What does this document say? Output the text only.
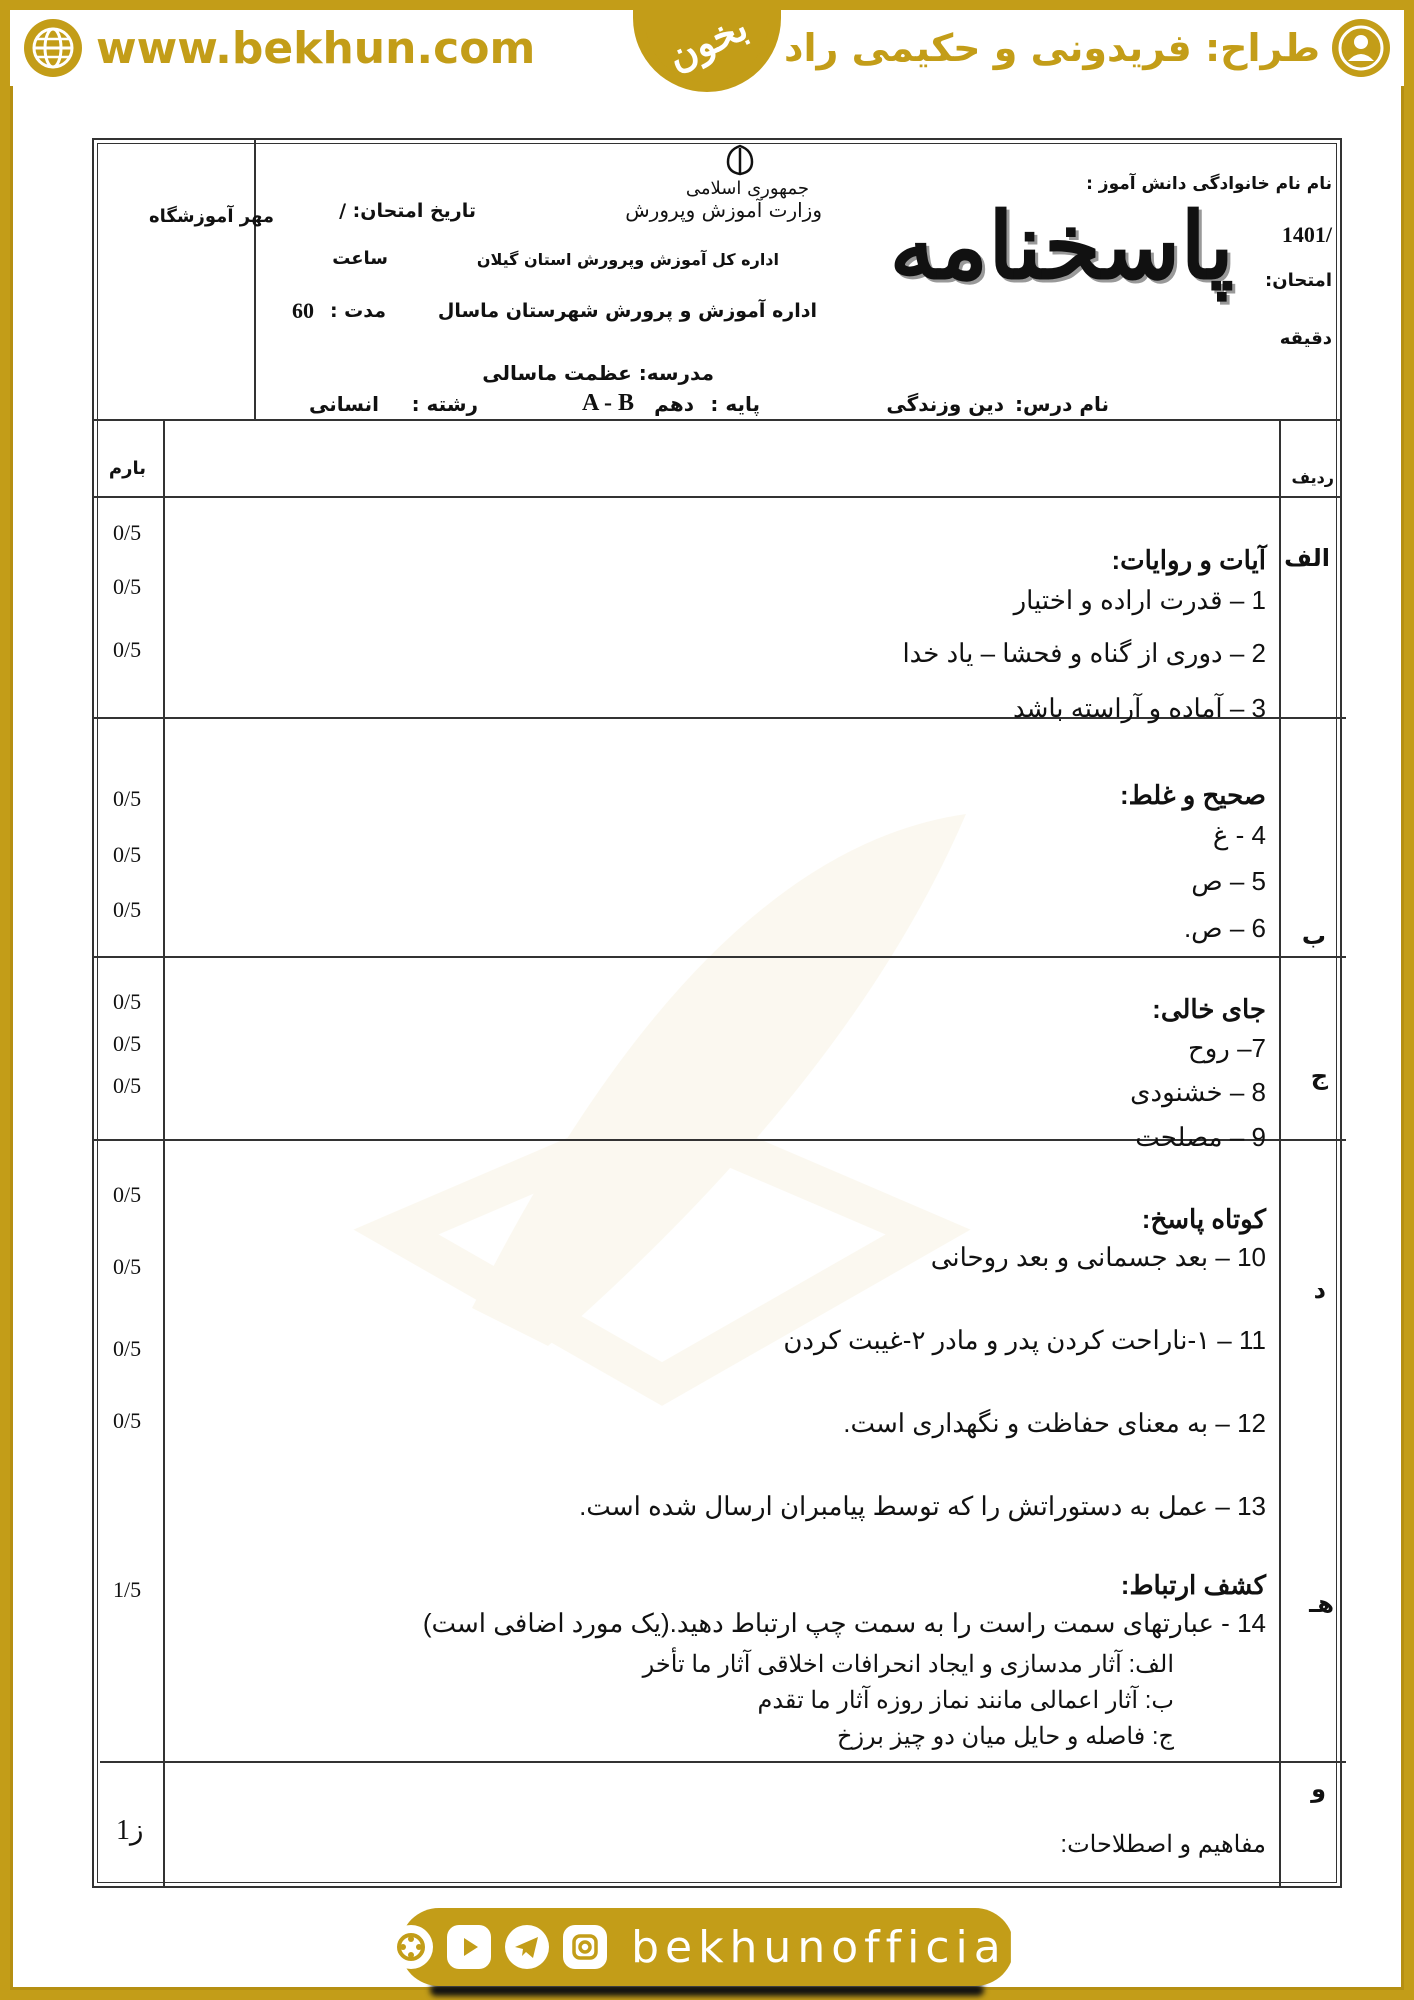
www.bekhun.com	بخون طراح: فریدونی و حکیمی راد
نام نام خانوادگی دانش آموز :
1401/
امتحان:
دقیقه
پاسخنامه
جمهوری اسلامی
وزارت آموزش وپرورش
اداره کل آموزش وپرورش استان گیلان
اداره آموزش و پرورش شهرستان ماسال
مدرسه: عظمت ماسالی
تاریخ امتحان: /
ساعت
مدت :
60
مهر آموزشگاه
نام درس:
دین وزندگی
پایه :
دهم
A - B
رشته :
انسانی
ردیف
بارم
الف
آیات و روایات:
1 – قدرت اراده و اختیار
2 – دوری از گناه و فحشا – یاد خدا
3 – آماده و آراسته باشد
0/5
0/5
0/5
صحیح و غلط:
4 - غ
5 – ص
6 – ص. ب
0/5
0/5
0/5
جای خالی:
7– روح
8 – خشنودی
9 – مصلحت
ج
0/5
0/5
0/5
کوتاه پاسخ:
10 – بعد جسمانی و بعد روحانی
11 – ۱-ناراحت کردن پدر و مادر ۲-غیبت کردن
12 – به معنای حفاظت و نگهداری است.
13 – عمل به دستوراتش را که توسط پیامبران ارسال شده است.
د
0/5
0/5
0/5
0/5
کشف ارتباط:
14 - عبارتهای سمت راست را به سمت چپ ارتباط دهید.(یک مورد اضافی است)
الف: آثار مدسازی و ایجاد انحرافات اخلاقی آثار ما تأخر
ب: آثار اعمالی مانند نماز روزه آثار ما تقدم
ج: فاصله و حایل میان دو چیز برزخ
هـ
1/5
و
مفاهیم و اصطلاحات:
ز1
bekhunofficial
